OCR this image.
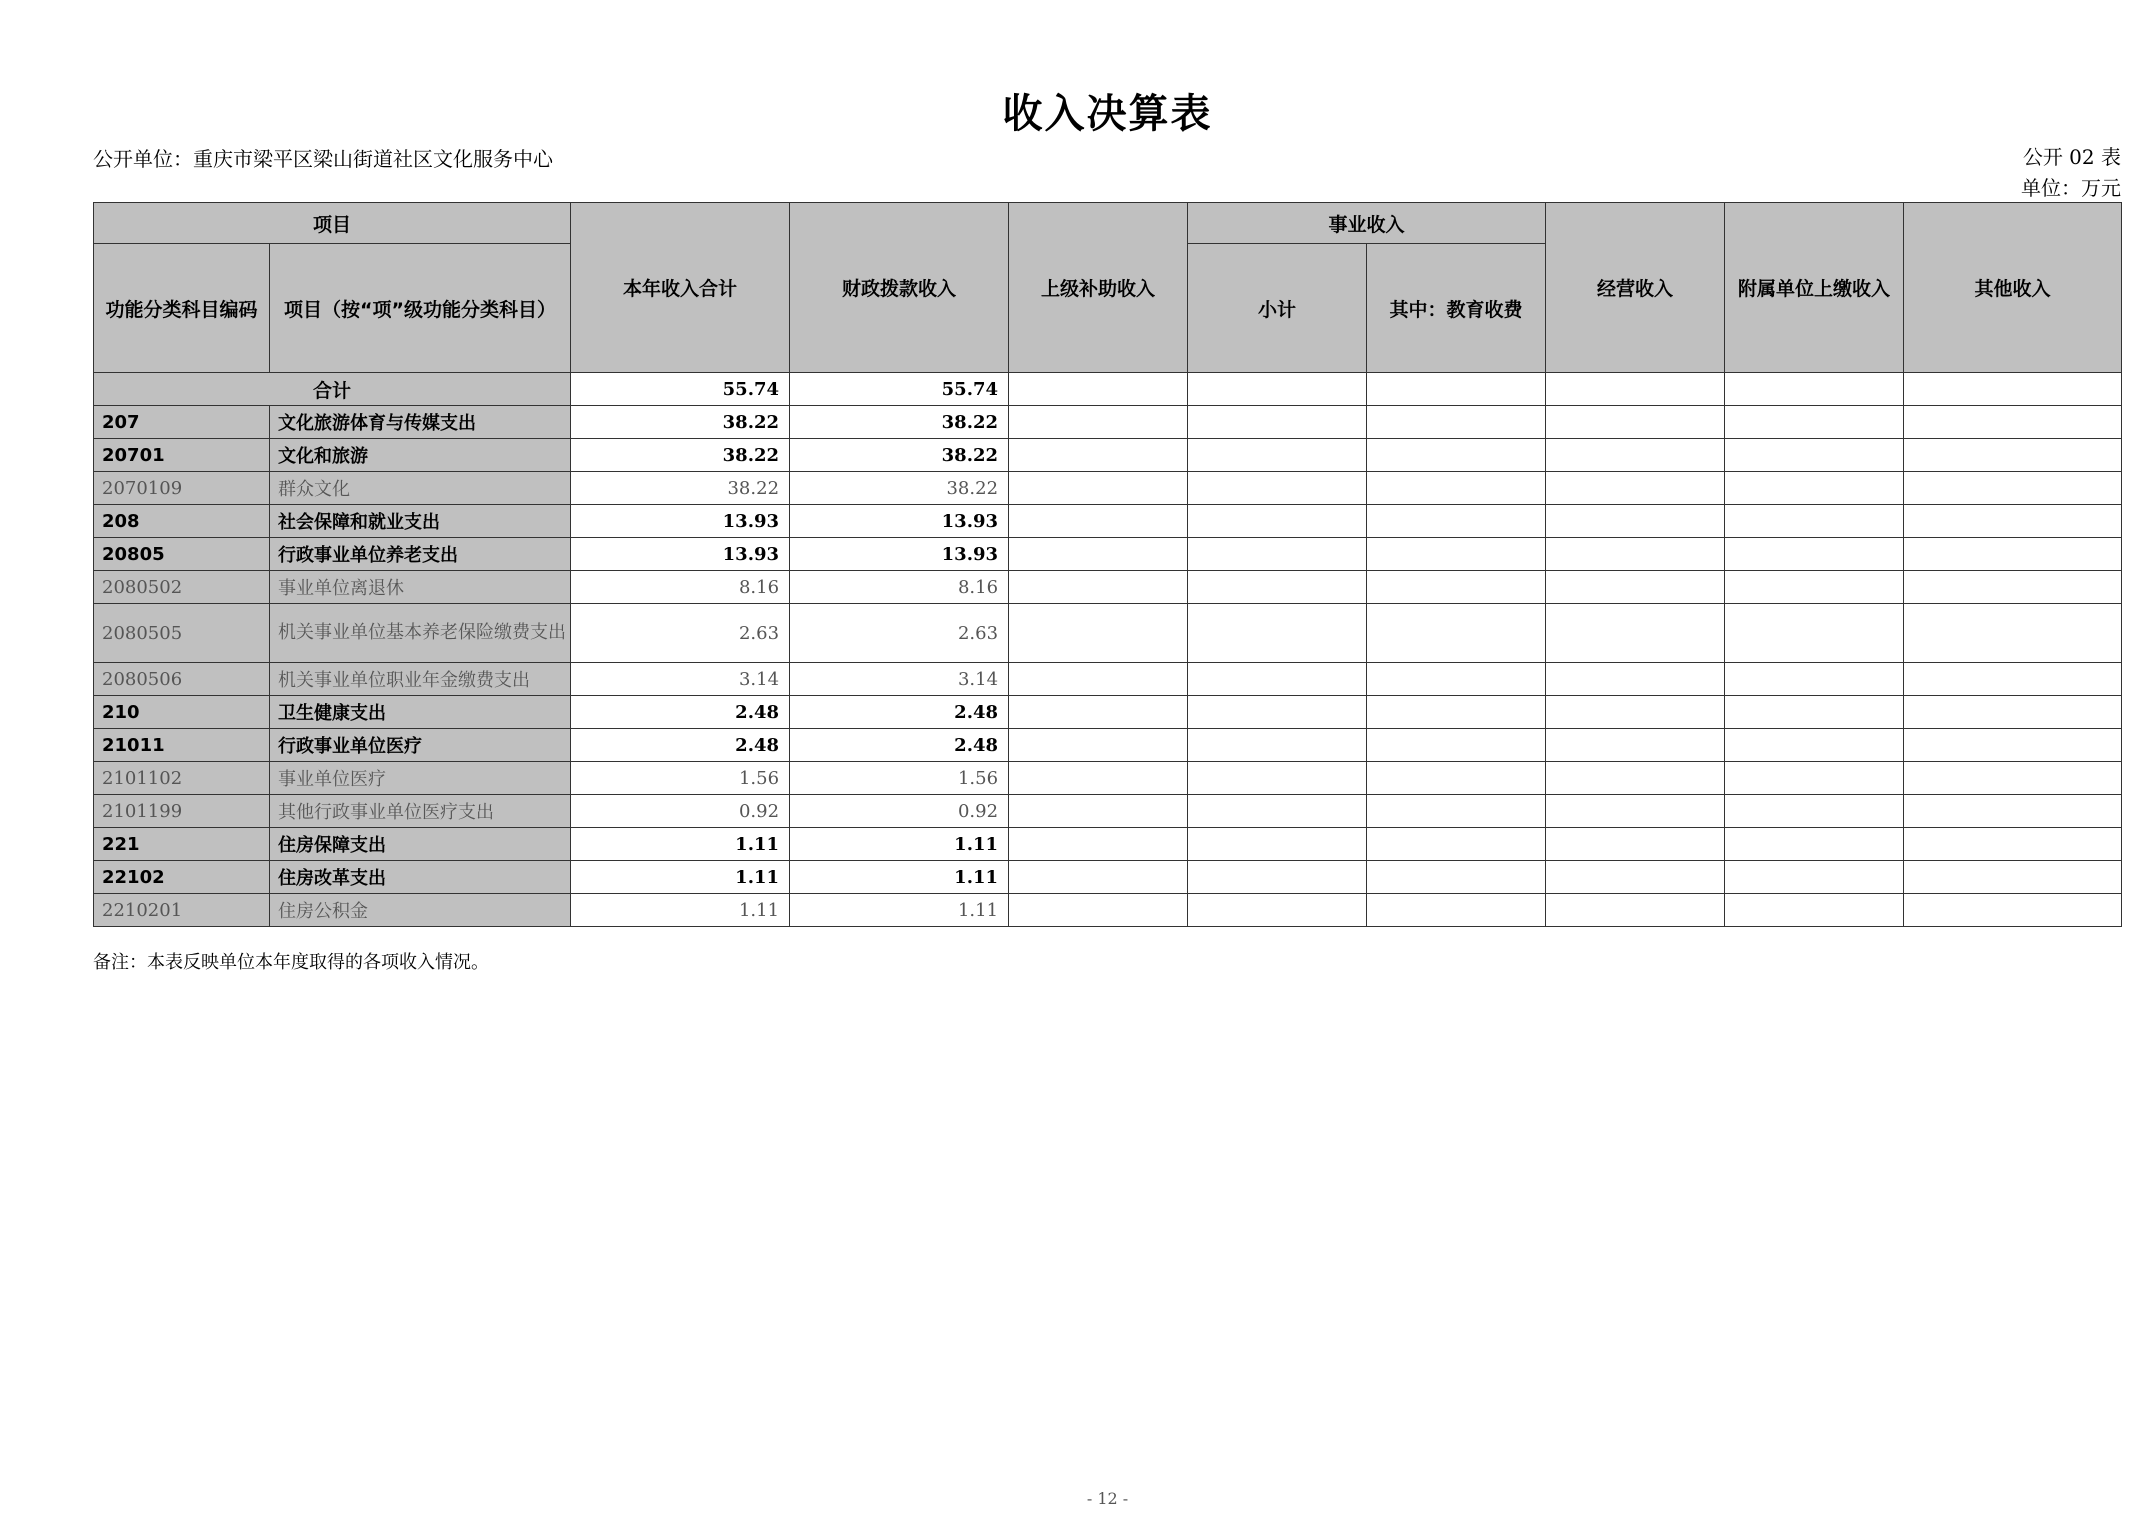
收入决算表
公开单位：重庆市梁平区梁山街道社区文化服务中心	公开 02 表
单位：万元
项目		本年收入合计	财政拨款收入	上级补助收入	事业收入		经营收入	附属单位上缴收入	其他收入
功能分类科目编码	项目（按“项”级功能分类科目）				小计	其中：教育收费			
合计		55.74	55.74						
207	文化旅游体育与传媒支出	38.22	38.22						
20701	文化和旅游	38.22	38.22						
2070109	群众文化	38.22	38.22						
208	社会保障和就业支出	13.93	13.93						
20805	行政事业单位养老支出	13.93	13.93						
2080502	事业单位离退休	8.16	8.16						
2080505	机关事业单位基本养老保险缴费支出	2.63	2.63						
2080506	机关事业单位职业年金缴费支出	3.14	3.14						
210	卫生健康支出	2.48	2.48						
21011	行政事业单位医疗	2.48	2.48						
2101102	事业单位医疗	1.56	1.56						
2101199	其他行政事业单位医疗支出	0.92	0.92						
221	住房保障支出	1.11	1.11						
22102	住房改革支出	1.11	1.11						
2210201	住房公积金	1.11	1.11						
备注：本表反映单位本年度取得的各项收入情况。
- 12 -
